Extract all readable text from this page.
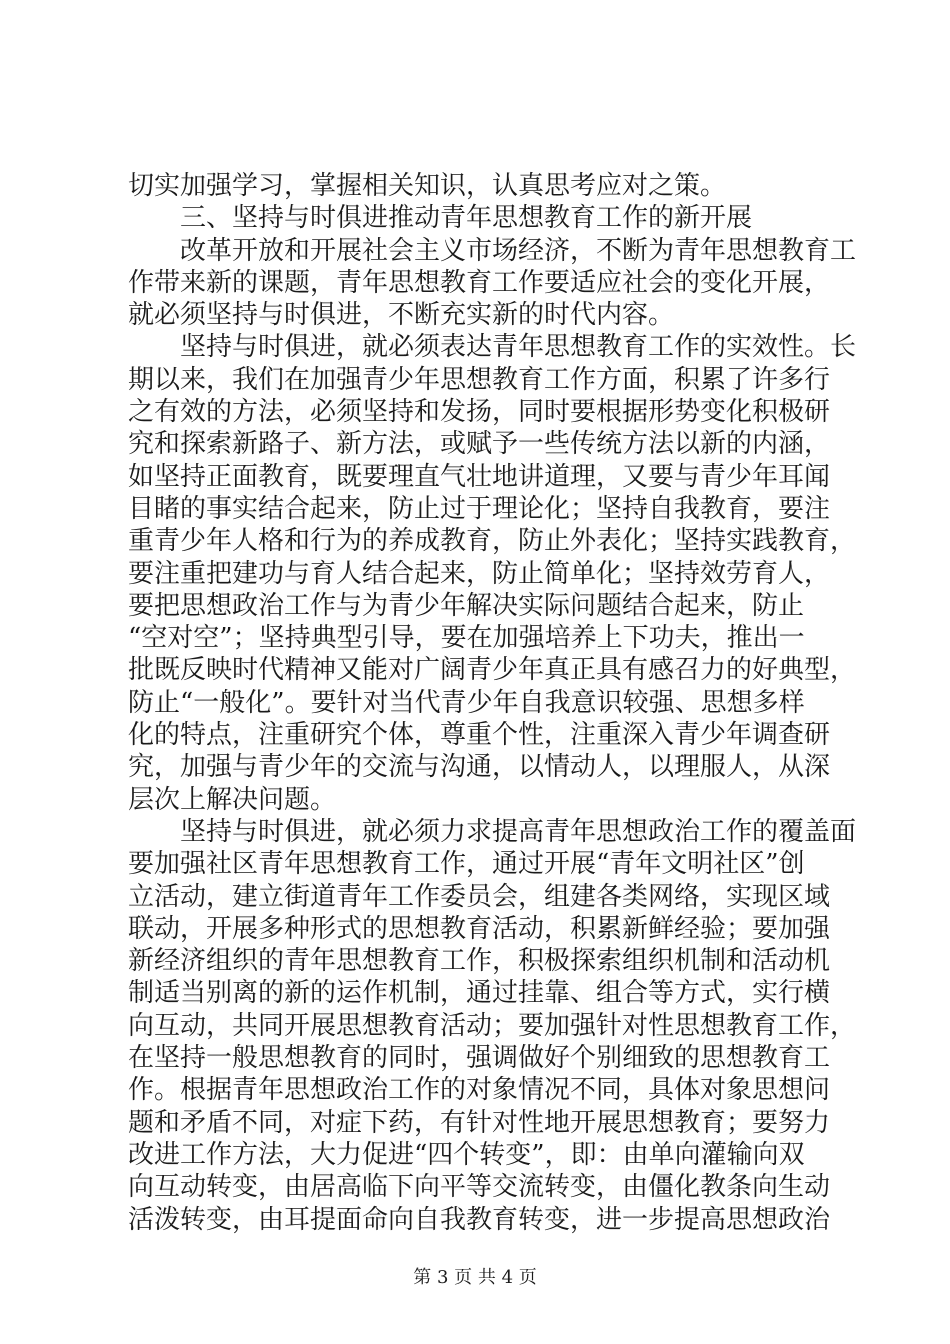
切实加强学习，掌握相关知识，认真思考应对之策。
三、坚持与时俱进推动青年思想教育工作的新开展
改革开放和开展社会主义市场经济，不断为青年思想教育工
作带来新的课题，青年思想教育工作要适应社会的变化开展，
就必须坚持与时俱进，不断充实新的时代内容。
坚持与时俱进，就必须表达青年思想教育工作的实效性。长
期以来，我们在加强青少年思想教育工作方面，积累了许多行
之有效的方法，必须坚持和发扬，同时要根据形势变化积极研
究和探索新路子、新方法，或赋予一些传统方法以新的内涵，
如坚持正面教育，既要理直气壮地讲道理，又要与青少年耳闻
目睹的事实结合起来，防止过于理论化；坚持自我教育，要注
重青少年人格和行为的养成教育，防止外表化；坚持实践教育，
要注重把建功与育人结合起来，防止简单化；坚持效劳育人，
要把思想政治工作与为青少年解决实际问题结合起来，防止
“空对空”；坚持典型引导，要在加强培养上下功夫，推出一
批既反映时代精神又能对广阔青少年真正具有感召力的好典型，
防止“一般化”。要针对当代青少年自我意识较强、思想多样
化的特点，注重研究个体，尊重个性，注重深入青少年调查研
究，加强与青少年的交流与沟通，以情动人，以理服人，从深
层次上解决问题。
坚持与时俱进，就必须力求提高青年思想政治工作的覆盖面
要加强社区青年思想教育工作，通过开展“青年文明社区”创
立活动，建立街道青年工作委员会，组建各类网络，实现区域
联动，开展多种形式的思想教育活动，积累新鲜经验；要加强
新经济组织的青年思想教育工作，积极探索组织机制和活动机
制适当别离的新的运作机制，通过挂靠、组合等方式，实行横
向互动，共同开展思想教育活动；要加强针对性思想教育工作，
在坚持一般思想教育的同时，强调做好个别细致的思想教育工
作。根据青年思想政治工作的对象情况不同，具体对象思想问
题和矛盾不同，对症下药，有针对性地开展思想教育；要努力
改进工作方法，大力促进“四个转变”，即：由单向灌输向双
向互动转变，由居高临下向平等交流转变，由僵化教条向生动
活泼转变，由耳提面命向自我教育转变，进一步提高思想政治
第 3 页 共 4 页
